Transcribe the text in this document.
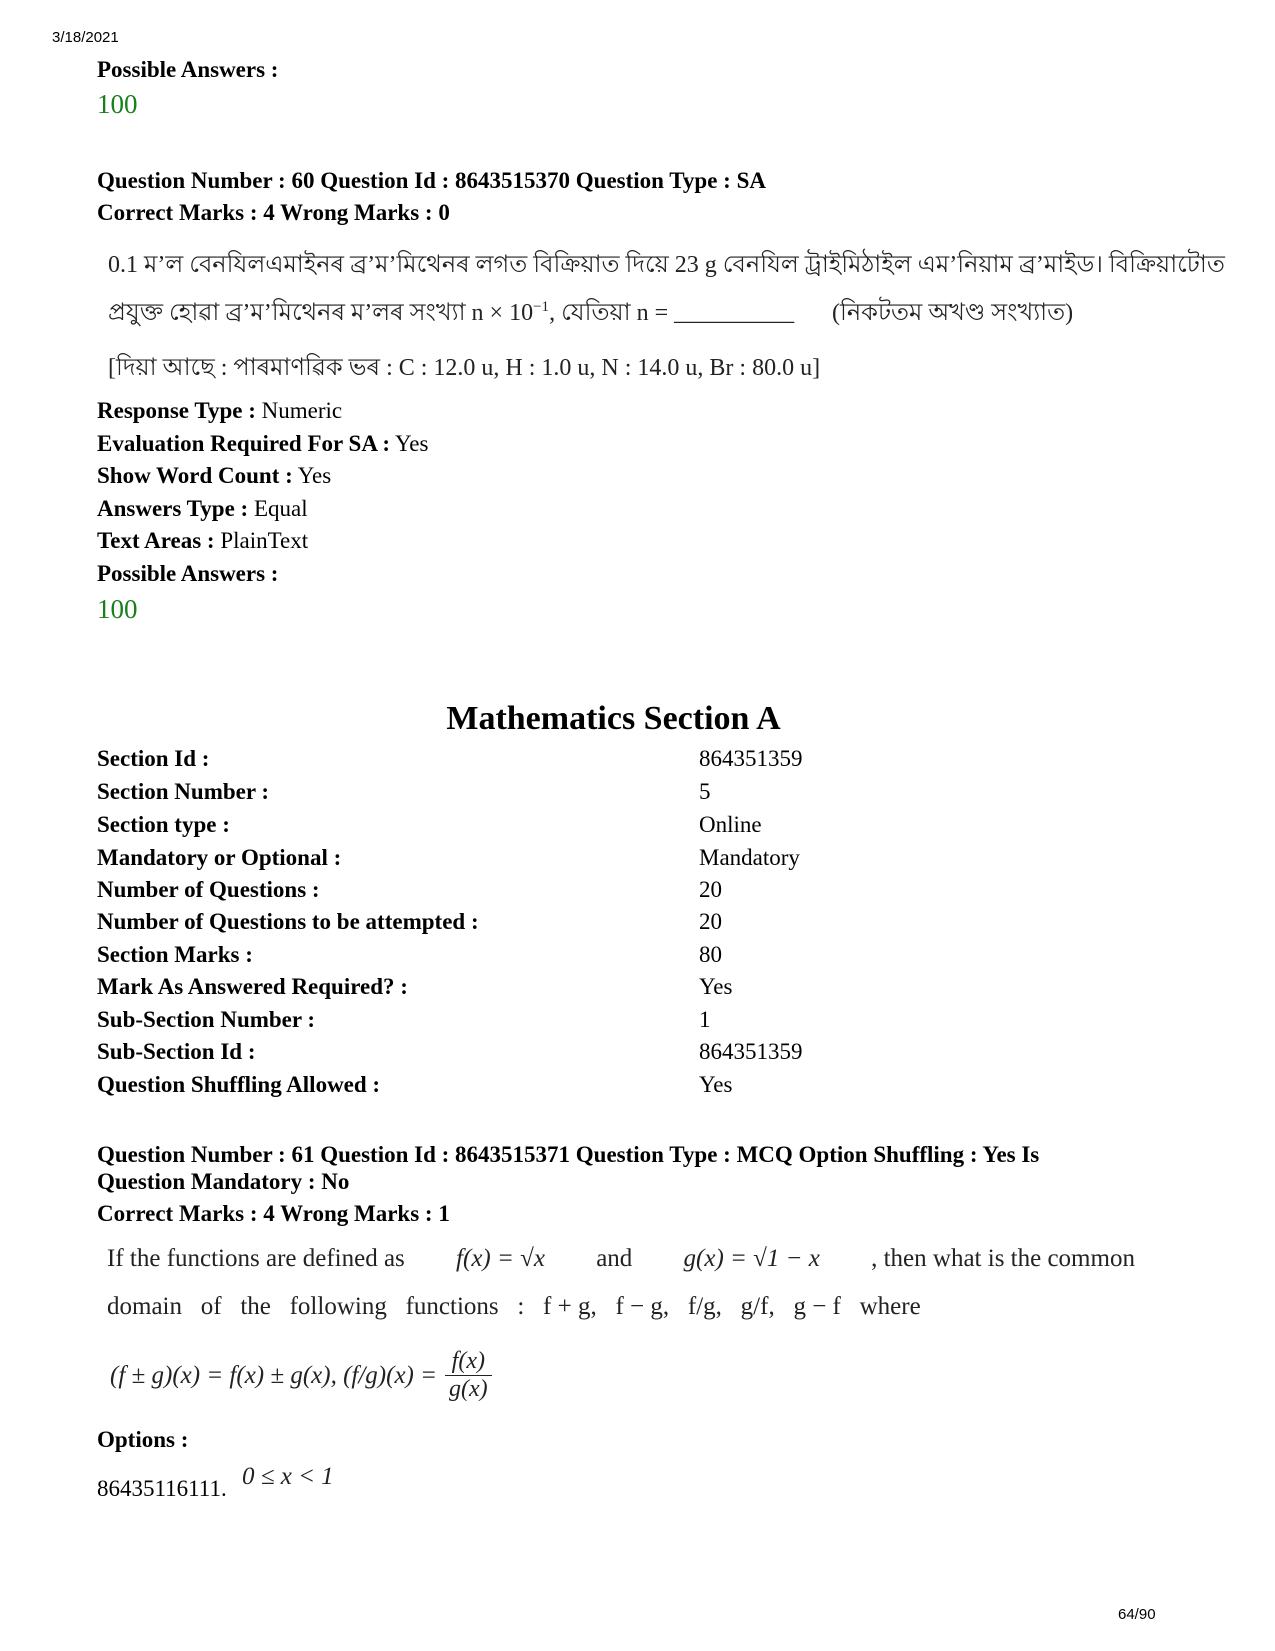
3/18/2021
64/90
Possible Answers :
100
Question Number : 60 Question Id : 8643515370 Question Type : SA
Correct Marks : 4 Wrong Marks : 0
0.1 ম’ল বেনযিলএমাইনৰ ব্ৰ’ম’মিথেনৰ লগত বিক্ৰিয়াত দিয়ে 23 g বেনযিল ট্ৰাইমিঠাইল এম’নিয়াম ব্ৰ’মাইড। বিক্ৰিয়াটোত
প্ৰযুক্ত হোৱা ব্ৰ’ম’মিথেনৰ ম’লৰ সংখ্যা $n \times 10^{-1}$, যেতিয়া n = __________ (নিকটতম অখণ্ড সংখ্যাত)
[দিয়া আছে : পাৰমাণৱিক ভৰ : C : 12.0 u, H : 1.0 u, N : 14.0 u, Br : 80.0 u]
Response Type : Numeric
Evaluation Required For SA : Yes
Show Word Count : Yes
Answers Type : Equal
Text Areas : PlainText
Possible Answers :
100
Mathematics Section A
Section Id :	864351359
Section Number :	5
Section type :	Online
Mandatory or Optional :	Mandatory
Number of Questions :	20
Number of Questions to be attempted :	20
Section Marks :	80
Mark As Answered Required? :	Yes
Sub-Section Number :	1
Sub-Section Id :	864351359
Question Shuffling Allowed :	Yes
Question Number : 61 Question Id : 8643515371 Question Type : MCQ Option Shuffling : Yes Is
Question Mandatory : No
Correct Marks : 4 Wrong Marks : 1
If the functions are defined as f(x) = √x and g(x) = √1 − x , then what is the common
domain   of   the   following   functions   :   f + g,   f − g,   f/g,   g/f,   g − f   where
(f ± g)(x) = f(x) ± g(x), $(f/g)(x) = \frac{f(x)}{g(x)}$
Options :
86435116111. 0 ≤ x < 1
